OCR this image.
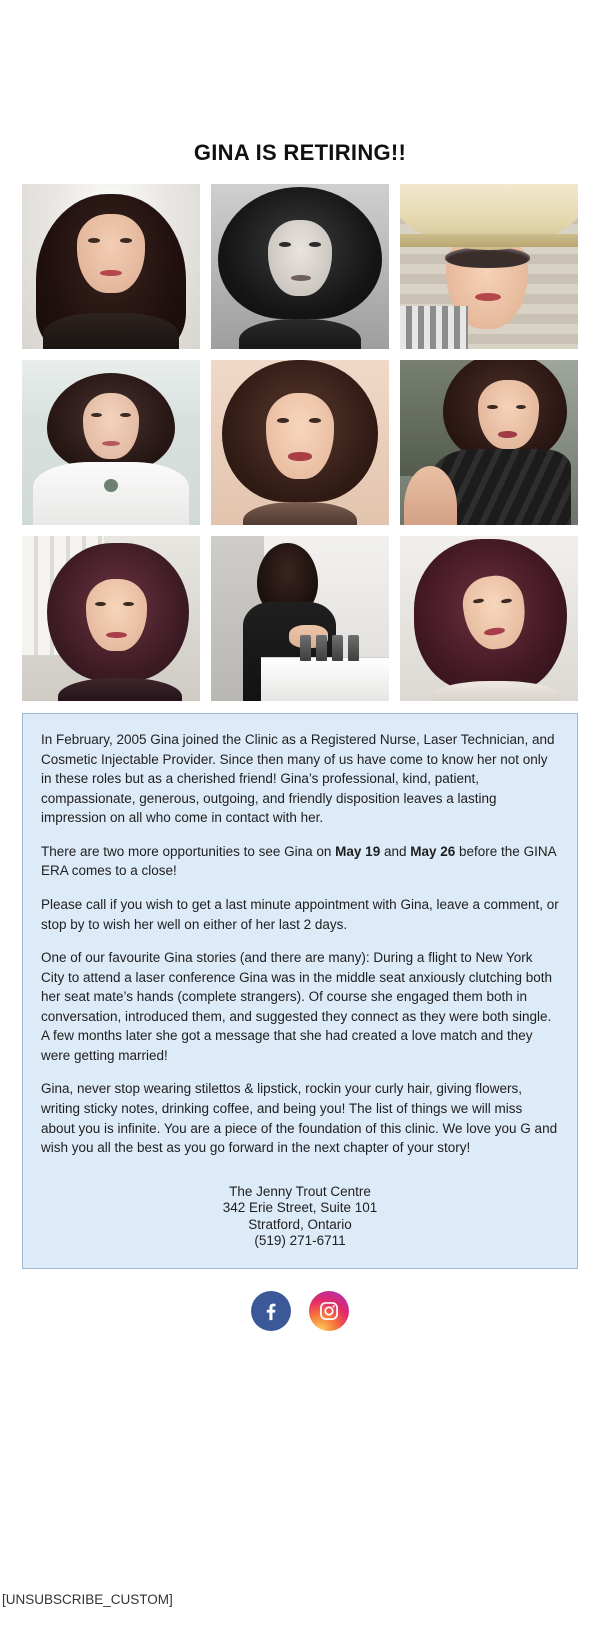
GINA IS RETIRING!!

In February, 2005 Gina joined the Clinic as a Registered Nurse, Laser Technician, and Cosmetic Injectable Provider. Since then many of us have come to know her not only in these roles but as a cherished friend! Gina’s professional, kind, patient, compassionate, generous, outgoing, and friendly disposition leaves a lasting impression on all who come in contact with her.

There are two more opportunities to see Gina on May 19 and May 26 before the GINA ERA comes to a close!

Please call if you wish to get a last minute appointment with Gina, leave a comment, or stop by to wish her well on either of her last 2 days.

One of our favourite Gina stories (and there are many): During a flight to New York City to attend a laser conference Gina was in the middle seat anxiously clutching both her seat mate’s hands (complete strangers). Of course she engaged them both in conversation, introduced them, and suggested they connect as they were both single. A few months later she got a message that she had created a love match and they were getting married!

Gina, never stop wearing stilettos & lipstick, rockin your curly hair, giving flowers, writing sticky notes, drinking coffee, and being you! The list of things we will miss about you is infinite. You are a piece of the foundation of this clinic. We love you G and wish you all the best as you go forward in the next chapter of your story!

The Jenny Trout Centre
342 Erie Street, Suite 101
Stratford, Ontario
(519) 271-6711
[UNSUBSCRIBE_CUSTOM]
